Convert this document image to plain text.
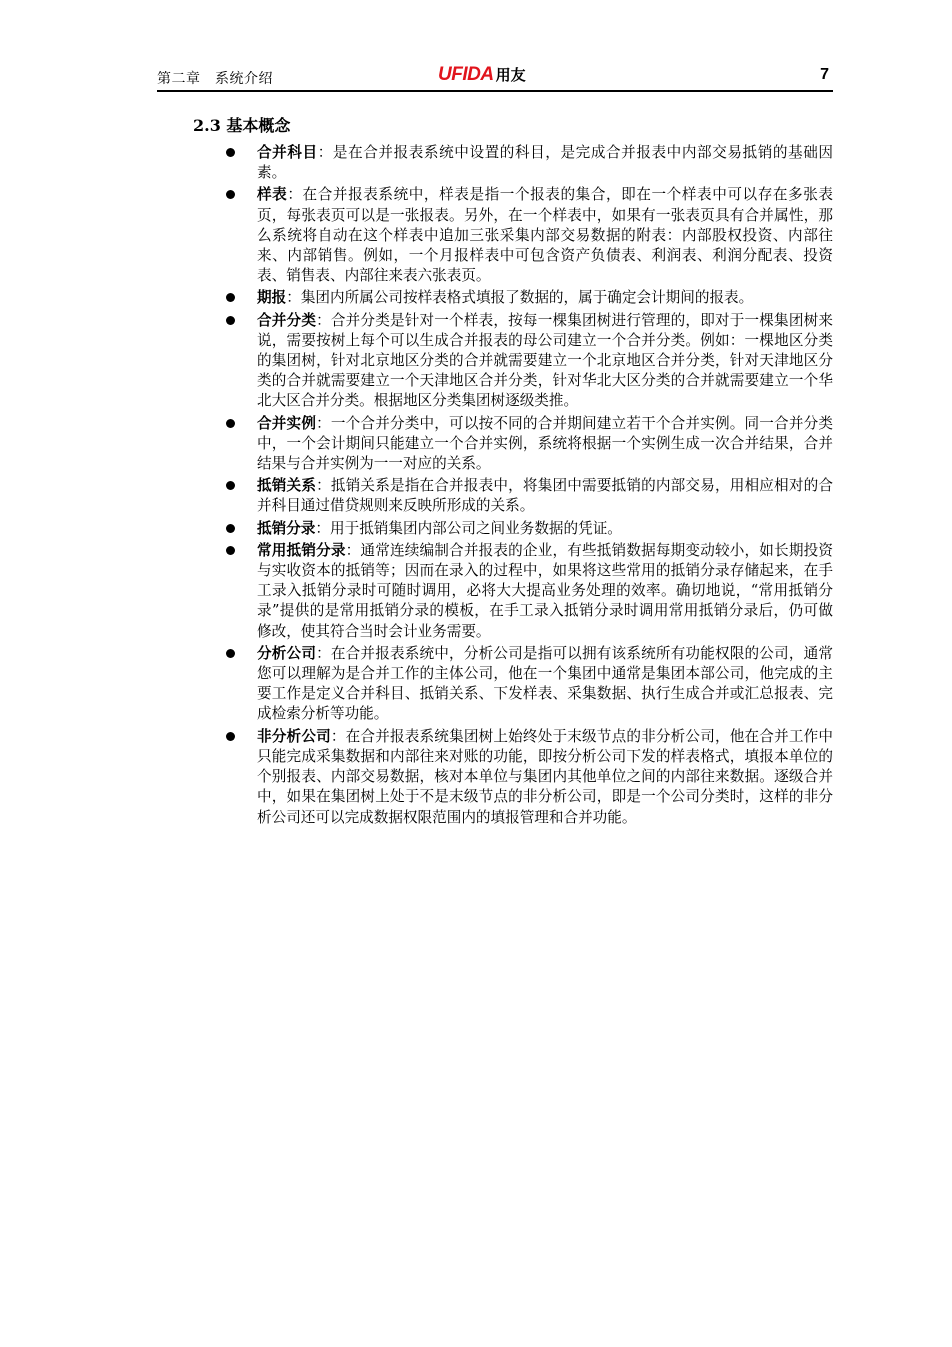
第二章　系统介绍	UFIDA 用友	7
2.3 基本概念
合并科目：是在合并报表系统中设置的科目，是完成合并报表中内部交易抵销的基础因素。
样表：在合并报表系统中，样表是指一个报表的集合，即在一个样表中可以存在多张表页，每张表页可以是一张报表。另外，在一个样表中，如果有一张表页具有合并属性，那么系统将自动在这个样表中追加三张采集内部交易数据的附表：内部股权投资、内部往来、内部销售。例如，一个月报样表中可包含资产负债表、利润表、利润分配表、投资表、销售表、内部往来表六张表页。
期报：集团内所属公司按样表格式填报了数据的，属于确定会计期间的报表。
合并分类：合并分类是针对一个样表，按每一棵集团树进行管理的，即对于一棵集团树来说，需要按树上每个可以生成合并报表的母公司建立一个合并分类。例如：一棵地区分类的集团树，针对北京地区分类的合并就需要建立一个北京地区合并分类，针对天津地区分类的合并就需要建立一个天津地区合并分类，针对华北大区分类的合并就需要建立一个华北大区合并分类。根据地区分类集团树逐级类推。
合并实例：一个合并分类中，可以按不同的合并期间建立若干个合并实例。同一合并分类中，一个会计期间只能建立一个合并实例，系统将根据一个实例生成一次合并结果，合并结果与合并实例为一一对应的关系。
抵销关系：抵销关系是指在合并报表中，将集团中需要抵销的内部交易，用相应相对的合并科目通过借贷规则来反映所形成的关系。
抵销分录：用于抵销集团内部公司之间业务数据的凭证。
常用抵销分录：通常连续编制合并报表的企业，有些抵销数据每期变动较小，如长期投资与实收资本的抵销等；因而在录入的过程中，如果将这些常用的抵销分录存储起来，在手工录入抵销分录时可随时调用，必将大大提高业务处理的效率。确切地说，“常用抵销分录”提供的是常用抵销分录的模板，在手工录入抵销分录时调用常用抵销分录后，仍可做修改，使其符合当时会计业务需要。
分析公司：在合并报表系统中，分析公司是指可以拥有该系统所有功能权限的公司，通常您可以理解为是合并工作的主体公司，他在一个集团中通常是集团本部公司，他完成的主要工作是定义合并科目、抵销关系、下发样表、采集数据、执行生成合并或汇总报表、完成检索分析等功能。
非分析公司：在合并报表系统集团树上始终处于末级节点的非分析公司，他在合并工作中只能完成采集数据和内部往来对账的功能，即按分析公司下发的样表格式，填报本单位的个别报表、内部交易数据，核对本单位与集团内其他单位之间的内部往来数据。逐级合并中，如果在集团树上处于不是末级节点的非分析公司，即是一个公司分类时，这样的非分析公司还可以完成数据权限范围内的填报管理和合并功能。
